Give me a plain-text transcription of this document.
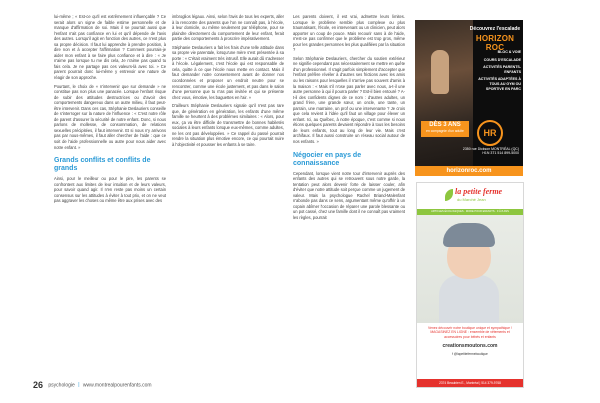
lui-même ; « Est-ce qu'il est extrêmement influençable ? Ce serait alors un signe de faible estime personnelle et de manque d'affirmation de soi. Mais il se pourrait aussi que l'enfant n'ait pas confiance en lui et qu'il dépende de l'avis des autres. Lorsqu'il agit en fonction des autres, ce n'est plus sa propre décision. Il faut lui apprendre à prendre position, à dire non et à accepter l'affirmation ? Comment pourrais-je aider mon enfant à se faire plus confiance et à dire : « Je n'aime pas lorsque tu me dis cela, Je n'aime pas quand tu fais cela. Je ne partage pas ces valeurs-là avec toi. » Ce parent pourrait donc lui-même y entrevoir une nature de réagir de son approche.

Pourtant, le choix de « n'intervenir que sur demande » ne constitue pas non plus une panacée. Lorsque l'enfant risque de subir des attitudes destructrices ou d'avoir des comportements dangereux dans un autre milieu, il faut peut-être intervenir. Dans ces cas, Stéphanie Deslauriers conseille de s'interroger sur la nature de l'influence : « C'est notre rôle de parent d'assurer la sécurité de notre enfant. Donc, si nous parlons de mollesse, de consommation, de relations sexuelles précipitées, il faut intervenir. Et si nous n'y arrivons pas par nous-mêmes, il faut aller chercher de l'aide : que ce soit de l'aide professionnelle ou autre pour nous aider avec notre enfant. »

Grands conflits et conflits de grands

Ainsi, pour le meilleur ou pour le pire, les parents se confrontent aux limites de leur intuition et de leurs valeurs, pour savoir quand agir. Il n'en reste pas moins un certain consensus sur les attitudes à éviter à tout prix, et on ne veut pas aggraver les choses ou même être aux prises avec des

imbroglios légaux. Ainsi, selon l'avis de tous les experts, aller à la rencontre des parents que l'on ne connaît pas, à l'école, à leur domicile, ou même seulement par téléphone, pour se plaindre directement du comportement de leur enfant, ferait partie des comportements à proscrire impérativement.

Stéphanie Deslauriers a fait les frais d'une telle attitude dans sa propre vie parentale, lorsqu'une mère s'est présentée à sa porte : « C'était vraiment très intrusif. Elle aurait dû s'adresser à l'école. Légalement, c'est l'école qui est responsable de cela, quitte à ce que l'école nous mette en contact. Mais il faut demander notre consentement avant de donner nos coordonnées et proposer un endroit neutre pour se rencontrer, comme une école justement, et pas dans le salon d'une personne que tu n'as pas invitée et qui se présente chez vous, émotive, les baguettes en l'air. »

D'ailleurs Stéphanie Deslauriers signale qu'il n'est pas rare que, de génération en génération, les enfants d'une même famille se heurtent à des problèmes similaires : « Alors, pour eux, ça va être difficile de transmettre de bonnes habiletés sociales à leurs enfants lorsque eux-mêmes, comme adultes, ne les ont pas développées. » Ce rappel du passé pourrait rendre la situation plus émotive encore, ce qui pourrait nuire à l'objectivité et pousser les enfants à se taire.

Les parents doivent, il est vrai, admettre leurs limites. Lorsque le problème semble plus complexe ou plus traumatisant, l'école, en intervenant ou un clinicien, peut alors apporter un coup de pouce. Mais recourir sans à de l'aide, n'est-ce pas confirmer que le problème est trop gros, même pour les grandes personnes les plus qualifiées par la situation ?

Selon Stéphanie Deslauriers, chercher du soutien extérieur ne signifie cependant pas nécessairement se mettre en quête d'un professionnel. Il s'agit parfois simplement d'accepter que l'enfant préfère révéler à d'autres ses frictions avec les amis ou les raisons pour lesquelles il n'arrive pas souvent d'amis à la maison : « Mais s'il n'ose pas parler avec nous, a-t-il une autre personne à qui il pourra parler ? Est-il bien entouré ? A-t-il des confidents dignes de ce nom : d'autres adultes, un grand frère, une grande sœur, un oncle, une tante, un parrain, une marraine, un prof ou une intervenante ? Je crois que cela revient à l'idée qu'il faut un village pour élever un enfant. Ici, au Québec, à notre époque, c'est comme si nous étions quelques parents devaient répondre à tous les besoins de leurs enfants, tout au long de leur vie. Mais c'est archifaux. Il faut aussi construire un réseau social autour de nos enfants. »

Négocier en pays de connaissance

Cependant, lorsque vient notre tour d'intervenir auprès des enfants des autres qui se retrouvent sous notre garde, la tentation peut alors devenir forte de laisser couler, afin d'éviter que notre attitude soit perçue comme un jugement de valeur. Mais la psychologue Rachel Briand-Malenfant n'abonde pas dans ce sens, argumentant même qu'offrir à un copain abîmer l'occasion de réparer une parole blessante ou un pot cassé, chez une famille dont il ne connaît pas vraiment les règles, pourrait

26 psychologie | www.montrealpourenfants.com
Découvrez l'escalade
HORIZON ROC
BLOC & VOIE
COURS D'ESCALADE
ACTIVITÉS PARENTS-ENFANTS
ACTIVITÉS ADAPTÉES À TOUS AU GYM OU SPORTIVE EN PARC
DÈS 3 ANS
en compagnie d'un adulte	HR
2350 rue Dickson MONTRÉAL (QC) H1N 3T1 514 899-5000
horizonroc.com
la petite ferme
du Marché Jean
ARTICLES ÉCOLOGIQUES · MODE POUR ENFANTS · 0 À 8 ANS
Venez découvrir notre boutique unique et sympathique ! MAGASINEZ EN LIGNE : ensemble de vêtements et accessoires pour bébés et enfants
creationsmoutons.com
f @lapetitefermeboutique
2374 Beaubien E., Montréal | 514 379-9768
